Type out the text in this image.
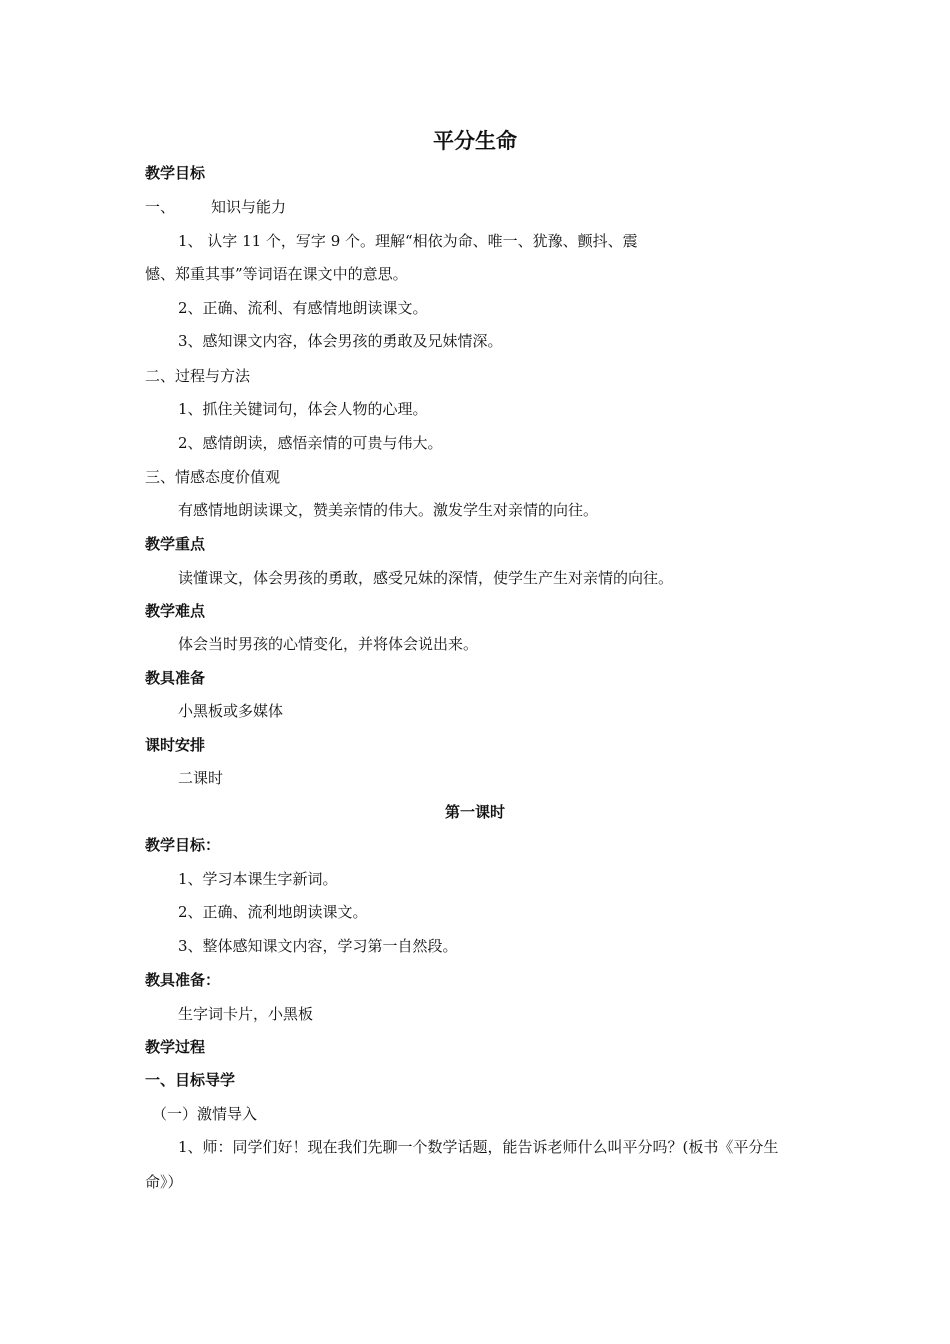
平分生命
教学目标
一、 知识与能力
1、 认字 11 个，写字 9 个。理解“相依为命、唯一、犹豫、颤抖、震
憾、郑重其事”等词语在课文中的意思。
2、正确、流利、有感情地朗读课文。
3、感知课文内容，体会男孩的勇敢及兄妹情深。
二、过程与方法
1、抓住关键词句，体会人物的心理。
2、感情朗读，感悟亲情的可贵与伟大。
三、情感态度价值观
有感情地朗读课文，赞美亲情的伟大。激发学生对亲情的向往。
教学重点
读懂课文，体会男孩的勇敢，感受兄妹的深情，使学生产生对亲情的向往。
教学难点
体会当时男孩的心情变化，并将体会说出来。
教具准备
小黑板或多媒体
课时安排
二课时
第一课时
教学目标：
1、学习本课生字新词。
2、正确、流利地朗读课文。
3、整体感知课文内容，学习第一自然段。
教具准备：
生字词卡片，小黑板
教学过程
一、目标导学
（一）激情导入
1、师：同学们好！现在我们先聊一个数学话题，能告诉老师什么叫平分吗？(板书《平分生
命》）
